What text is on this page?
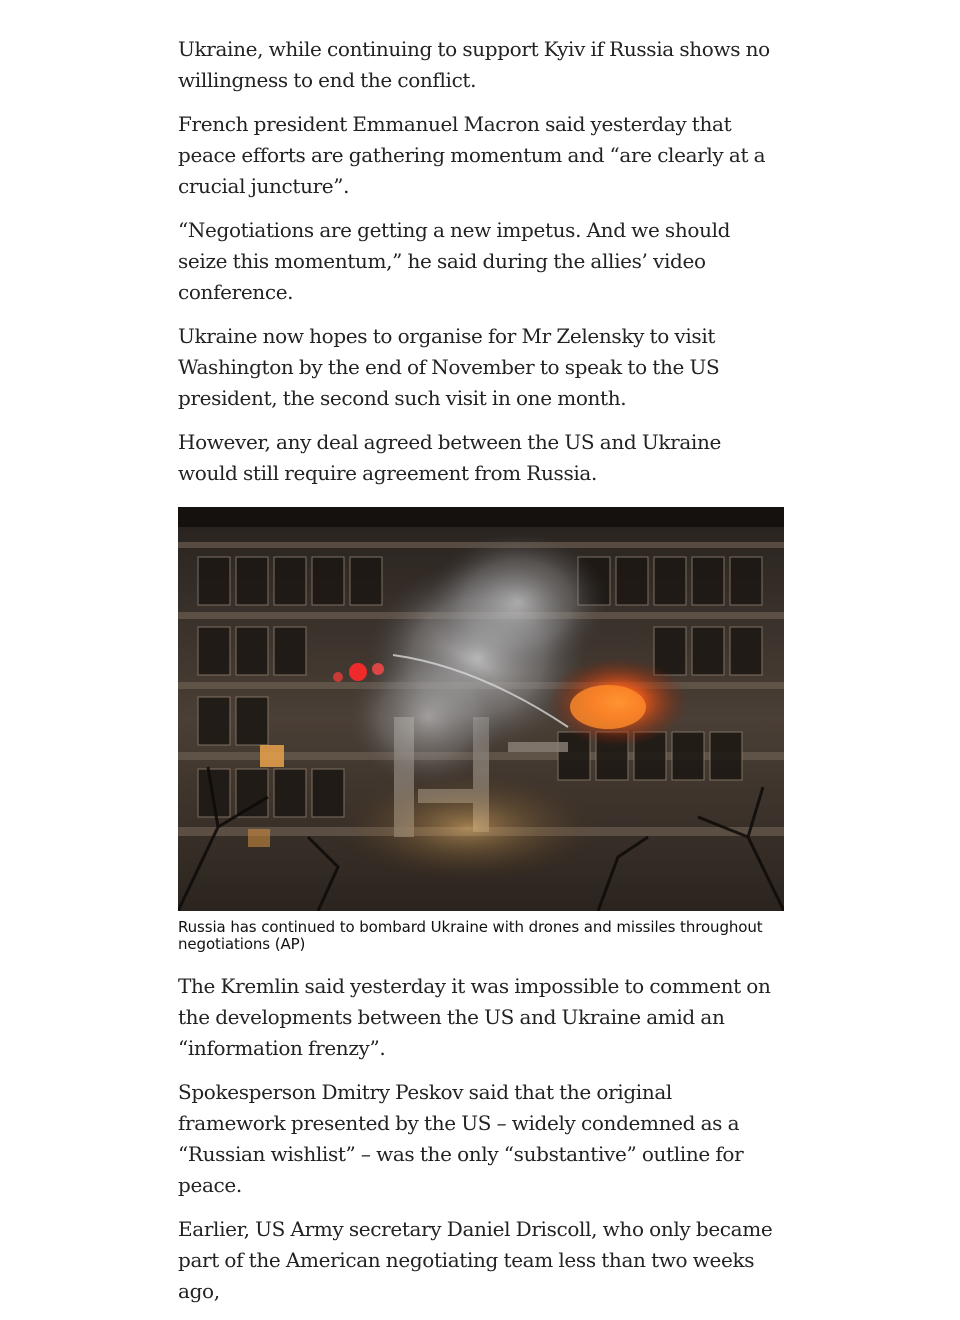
Ukraine, while continuing to support Kyiv if Russia shows no willingness to end the conflict.

French president Emmanuel Macron said yesterday that peace efforts are gathering momentum and “are clearly at a crucial juncture”.

“Negotiations are getting a new impetus. And we should seize this momentum,” he said during the allies’ video conference.

Ukraine now hopes to organise for Mr Zelensky to visit Washington by the end of November to speak to the US president, the second such visit in one month.

However, any deal agreed between the US and Ukraine would still require agreement from Russia.

Russia has continued to bombard Ukraine with drones and missiles throughout negotiations (AP)

The Kremlin said yesterday it was impossible to comment on the developments between the US and Ukraine amid an “information frenzy”.

Spokesperson Dmitry Peskov said that the original framework presented by the US – widely condemned as a “Russian wishlist” – was the only “substantive” outline for peace.

Earlier, US Army secretary Daniel Driscoll, who only became part of the American negotiating team less than two weeks ago,
